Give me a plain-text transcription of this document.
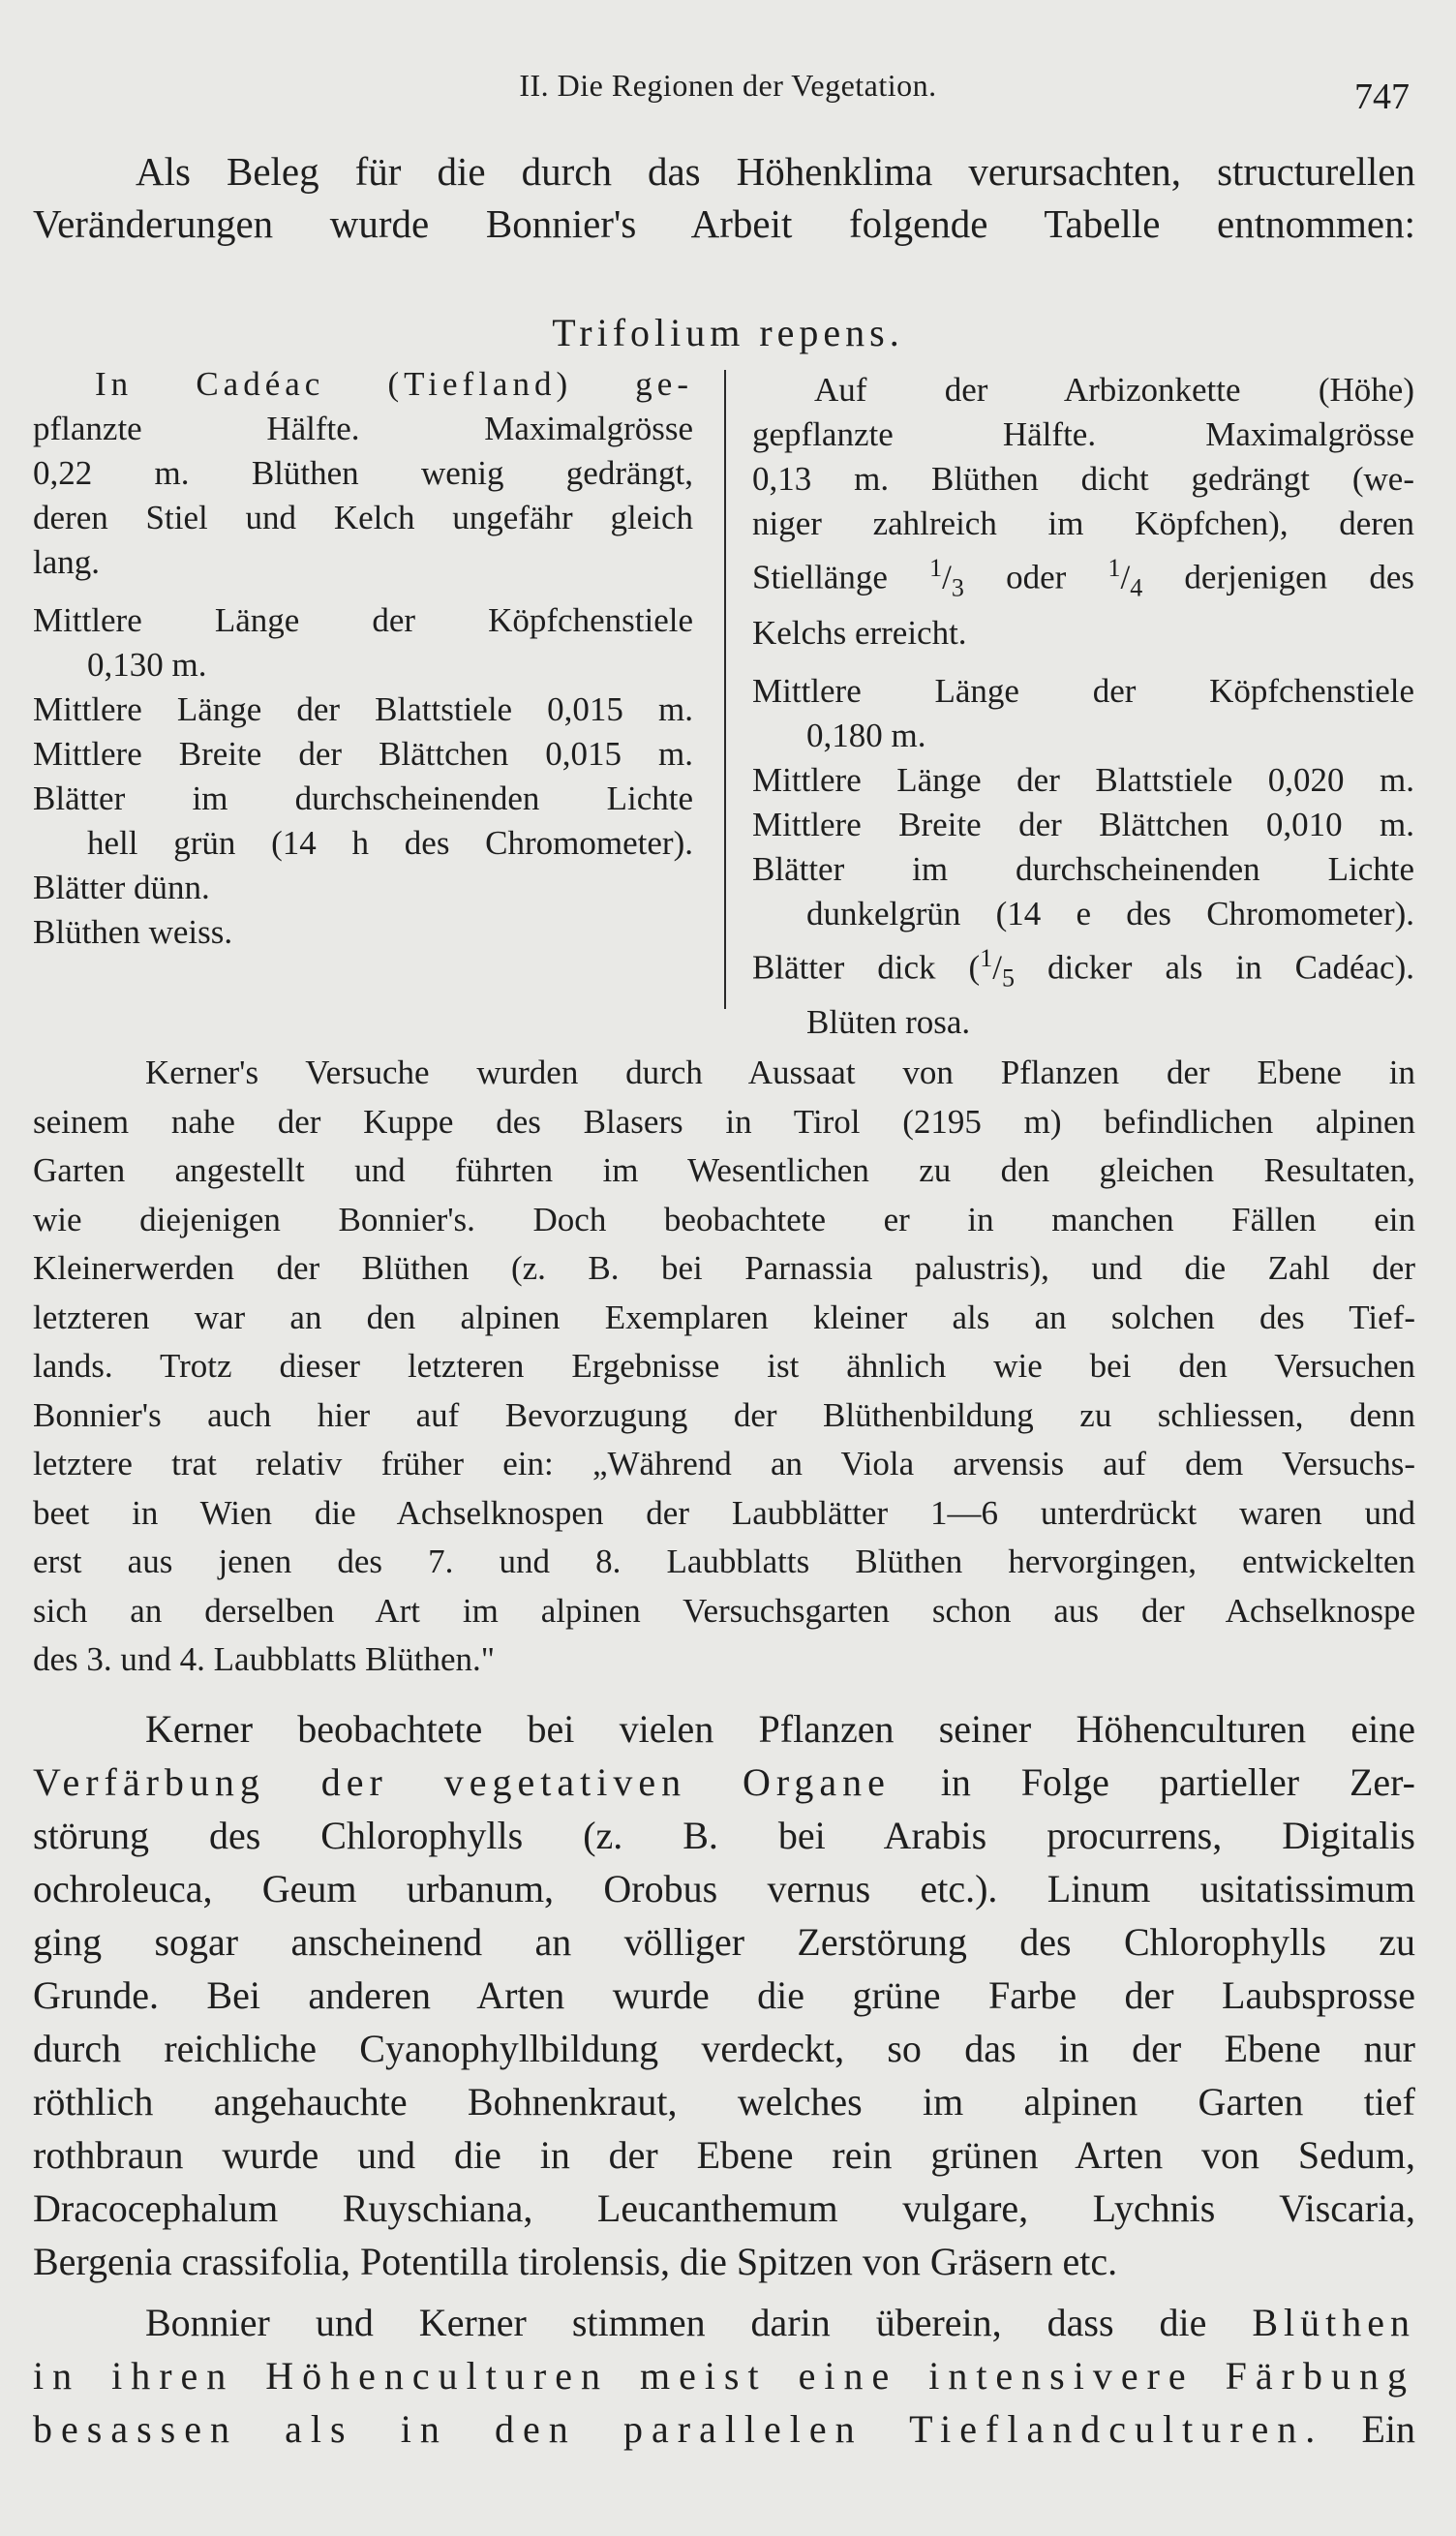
II. Die Regionen der Vegetation.	747
Als Beleg für die durch das Höhenklima verursachten, structurellen
Veränderungen wurde Bonnier's Arbeit folgende Tabelle entnommen:
Trifolium repens.
In Cadéac (Tiefland) ge-
pflanzte Hälfte. Maximalgrösse
0,22 m. Blüthen wenig gedrängt,
deren Stiel und Kelch ungefähr gleich
lang.
Mittlere Länge der Köpfchenstiele
0,130 m.
Mittlere Länge der Blattstiele 0,015 m.
Mittlere Breite der Blättchen 0,015 m.
Blätter im durchscheinenden Lichte
hell grün (14 h des Chromometer).
Blätter dünn.
Blüthen weiss.
Auf der Arbizonkette (Höhe)
gepflanzte Hälfte. Maximalgrösse
0,13 m. Blüthen dicht gedrängt (we-
niger zahlreich im Köpfchen), deren
Stiellänge $^1/_3$ oder $^1/_4$ derjenigen des
Kelchs erreicht.
Mittlere Länge der Köpfchenstiele
0,180 m.
Mittlere Länge der Blattstiele 0,020 m.
Mittlere Breite der Blättchen 0,010 m.
Blätter im durchscheinenden Lichte
dunkelgrün (14 e des Chromometer).
Blätter dick ($^1/_5$ dicker als in Cadéac).
Blüten rosa.
Kerner's Versuche wurden durch Aussaat von Pflanzen der Ebene in
seinem nahe der Kuppe des Blasers in Tirol (2195 m) befindlichen alpinen
Garten angestellt und führten im Wesentlichen zu den gleichen Resultaten,
wie diejenigen Bonnier's. Doch beobachtete er in manchen Fällen ein
Kleinerwerden der Blüthen (z. B. bei Parnassia palustris), und die Zahl der
letzteren war an den alpinen Exemplaren kleiner als an solchen des Tief-
lands. Trotz dieser letzteren Ergebnisse ist ähnlich wie bei den Versuchen
Bonnier's auch hier auf Bevorzugung der Blüthenbildung zu schliessen, denn
letztere trat relativ früher ein: „Während an Viola arvensis auf dem Versuchs-
beet in Wien die Achselknospen der Laubblätter 1—6 unterdrückt waren und
erst aus jenen des 7. und 8. Laubblatts Blüthen hervorgingen, entwickelten
sich an derselben Art im alpinen Versuchsgarten schon aus der Achselknospe
des 3. und 4. Laubblatts Blüthen."
Kerner beobachtete bei vielen Pflanzen seiner Höhenculturen eine
Verfärbung der vegetativen Organe in Folge partieller Zer-
störung des Chlorophylls (z. B. bei Arabis procurrens, Digitalis
ochroleuca, Geum urbanum, Orobus vernus etc.). Linum usitatissimum
ging sogar anscheinend an völliger Zerstörung des Chlorophylls zu
Grunde. Bei anderen Arten wurde die grüne Farbe der Laubsprosse
durch reichliche Cyanophyllbildung verdeckt, so das in der Ebene nur
röthlich angehauchte Bohnenkraut, welches im alpinen Garten tief
rothbraun wurde und die in der Ebene rein grünen Arten von Sedum,
Dracocephalum Ruyschiana, Leucanthemum vulgare, Lychnis Viscaria,
Bergenia crassifolia, Potentilla tirolensis, die Spitzen von Gräsern etc.
Bonnier und Kerner stimmen darin überein, dass die Blüthen
in ihren Höhenculturen meist eine intensivere Färbung
besassen als in den parallelen Tieflandculturen. Ein
